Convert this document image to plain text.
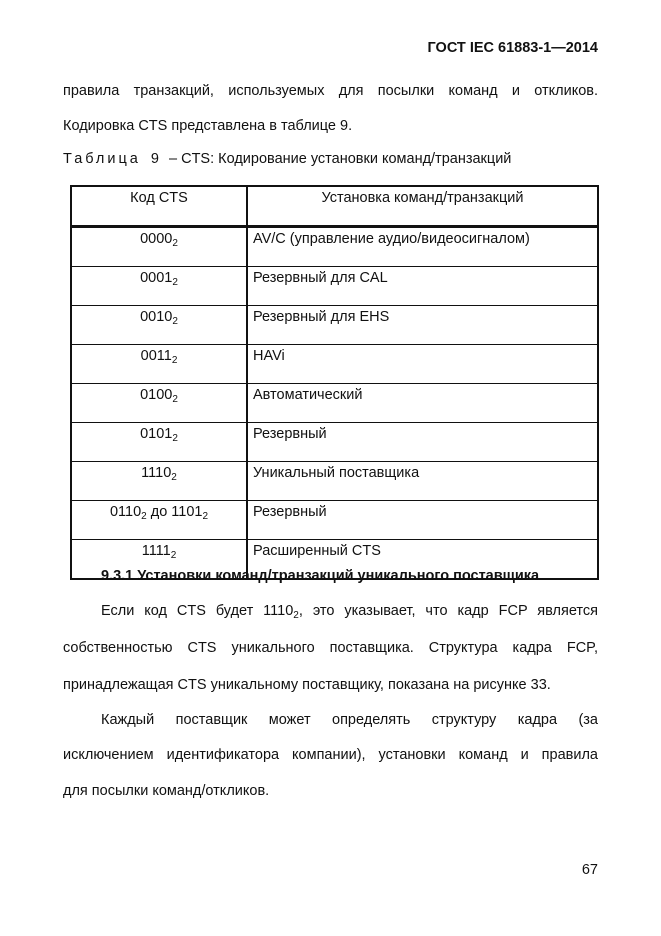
ГОСТ IEC 61883-1—2014
правила транзакций, используемых для посылки команд и откликов.
Кодировка CTS представлена в таблице 9.
Таблица 9 – CTS: Кодирование установки команд/транзакций
Код CTS	Установка команд/транзакций
$0000_2$	AV/C (управление аудио/видеосигналом)
$0001_2$	Резервный для CAL
$0010_2$	Резервный для EHS
$0011_2$	HAVi
$0100_2$	Автоматический
$0101_2$	Резервный
$1110_2$	Уникальный поставщика
$0110_2$ до $1101_2$	Резервный
$1111_2$	Расширенный CTS
9.3.1 Установки команд/транзакций уникального поставщика
Если код CTS будет $1110_2$, это указывает, что кадр FCP является
собственностью CTS уникального поставщика. Структура кадра FCP,
принадлежащая CTS уникальному поставщику, показана на рисунке 33.
Каждый поставщик может определять структуру кадра (за
исключением идентификатора компании), установки команд и правила
для посылки команд/откликов.
67
